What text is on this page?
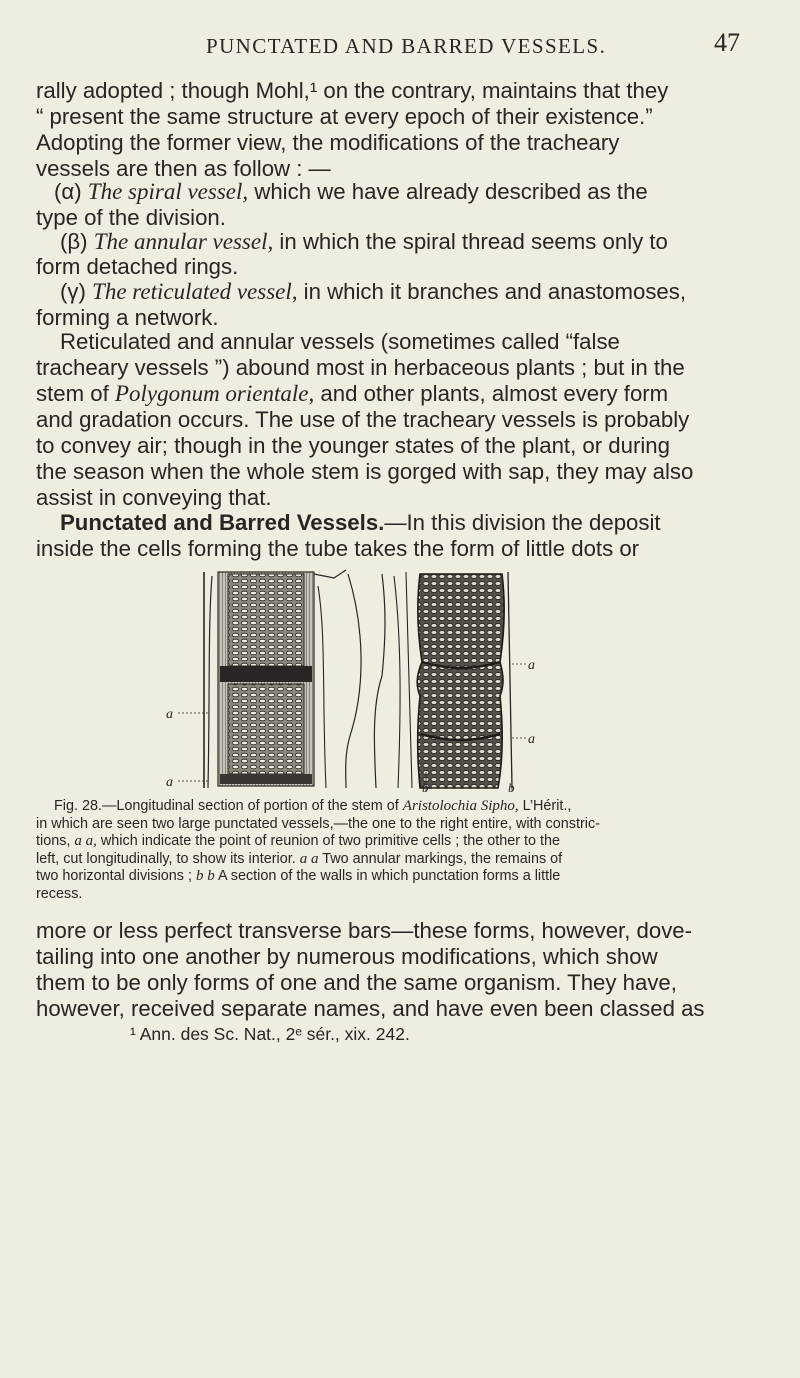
PUNCTATED AND BARRED VESSELS.	47
rally adopted ; though Mohl,¹ on the contrary, maintains that they
“ present the same structure at every epoch of their existence.”
Adopting the former view, the modifications of the tracheary
vessels are then as follow : —
(α) The spiral vessel, which we have already described as the
type of the division.
(β) The annular vessel, in which the spiral thread seems only to
form detached rings.
(γ) The reticulated vessel, in which it branches and anastomoses,
forming a network.
Reticulated and annular vessels (sometimes called “false
tracheary vessels ”) abound most in herbaceous plants ; but in the
stem of Polygonum orientale, and other plants, almost every form
and gradation occurs. The use of the tracheary vessels is probably
to convey air; though in the younger states of the plant, or during
the season when the whole stem is gorged with sap, they may also
assist in conveying that.
Punctated and Barred Vessels.—In this division the deposit
inside the cells forming the tube takes the form of little dots or
a
a
a
a
b	b
Fig. 28.—Longitudinal section of portion of the stem of Aristolochia Sipho, L’Hérit.,
in which are seen two large punctated vessels,—the one to the right entire, with constric-
tions, a a, which indicate the point of reunion of two primitive cells ; the other to the
left, cut longitudinally, to show its interior. a a Two annular markings, the remains of
two horizontal divisions ; b b A section of the walls in which punctation forms a little
recess.
more or less perfect transverse bars—these forms, however, dove-
tailing into one another by numerous modifications, which show
them to be only forms of one and the same organism. They have,
however, received separate names, and have even been classed as
¹ Ann. des Sc. Nat., 2ᵉ sér., xix. 242.
